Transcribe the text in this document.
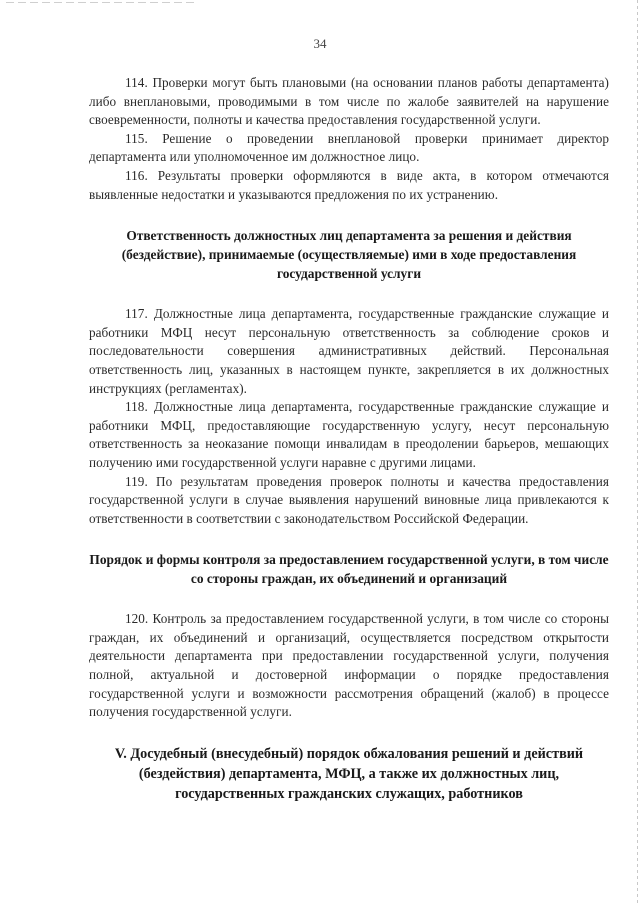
34

114. Проверки могут быть плановыми (на основании планов работы департамента) либо внеплановыми, проводимыми в том числе по жалобе заявителей на нарушение своевременности, полноты и качества предоставления государственной услуги.

115. Решение о проведении внеплановой проверки принимает директор департамента или уполномоченное им должностное лицо.

116. Результаты проверки оформляются в виде акта, в котором отмечаются выявленные недостатки и указываются предложения по их устранению.

Ответственность должностных лиц департамента за решения и действия (бездействие), принимаемые (осуществляемые) ими в ходе предоставления государственной услуги

117. Должностные лица департамента, государственные гражданские служащие и работники МФЦ несут персональную ответственность за соблюдение сроков и последовательности совершения административных действий. Персональная ответственность лиц, указанных в настоящем пункте, закрепляется в их должностных инструкциях (регламентах).

118. Должностные лица департамента, государственные гражданские служащие и работники МФЦ, предоставляющие государственную услугу, несут персональную ответственность за неоказание помощи инвалидам в преодолении барьеров, мешающих получению ими государственной услуги наравне с другими лицами.

119. По результатам проведения проверок полноты и качества предоставления государственной услуги в случае выявления нарушений виновные лица привлекаются к ответственности в соответствии с законодательством Российской Федерации.

Порядок и формы контроля за предоставлением государственной услуги, в том числе со стороны граждан, их объединений и организаций

120. Контроль за предоставлением государственной услуги, в том числе со стороны граждан, их объединений и организаций, осуществляется посредством открытости деятельности департамента при предоставлении государственной услуги, получения полной, актуальной и достоверной информации о порядке предоставления государственной услуги и возможности рассмотрения обращений (жалоб) в процессе получения государственной услуги.

V. Досудебный (внесудебный) порядок обжалования решений и действий (бездействия) департамента, МФЦ, а также их должностных лиц, государственных гражданских служащих, работников
